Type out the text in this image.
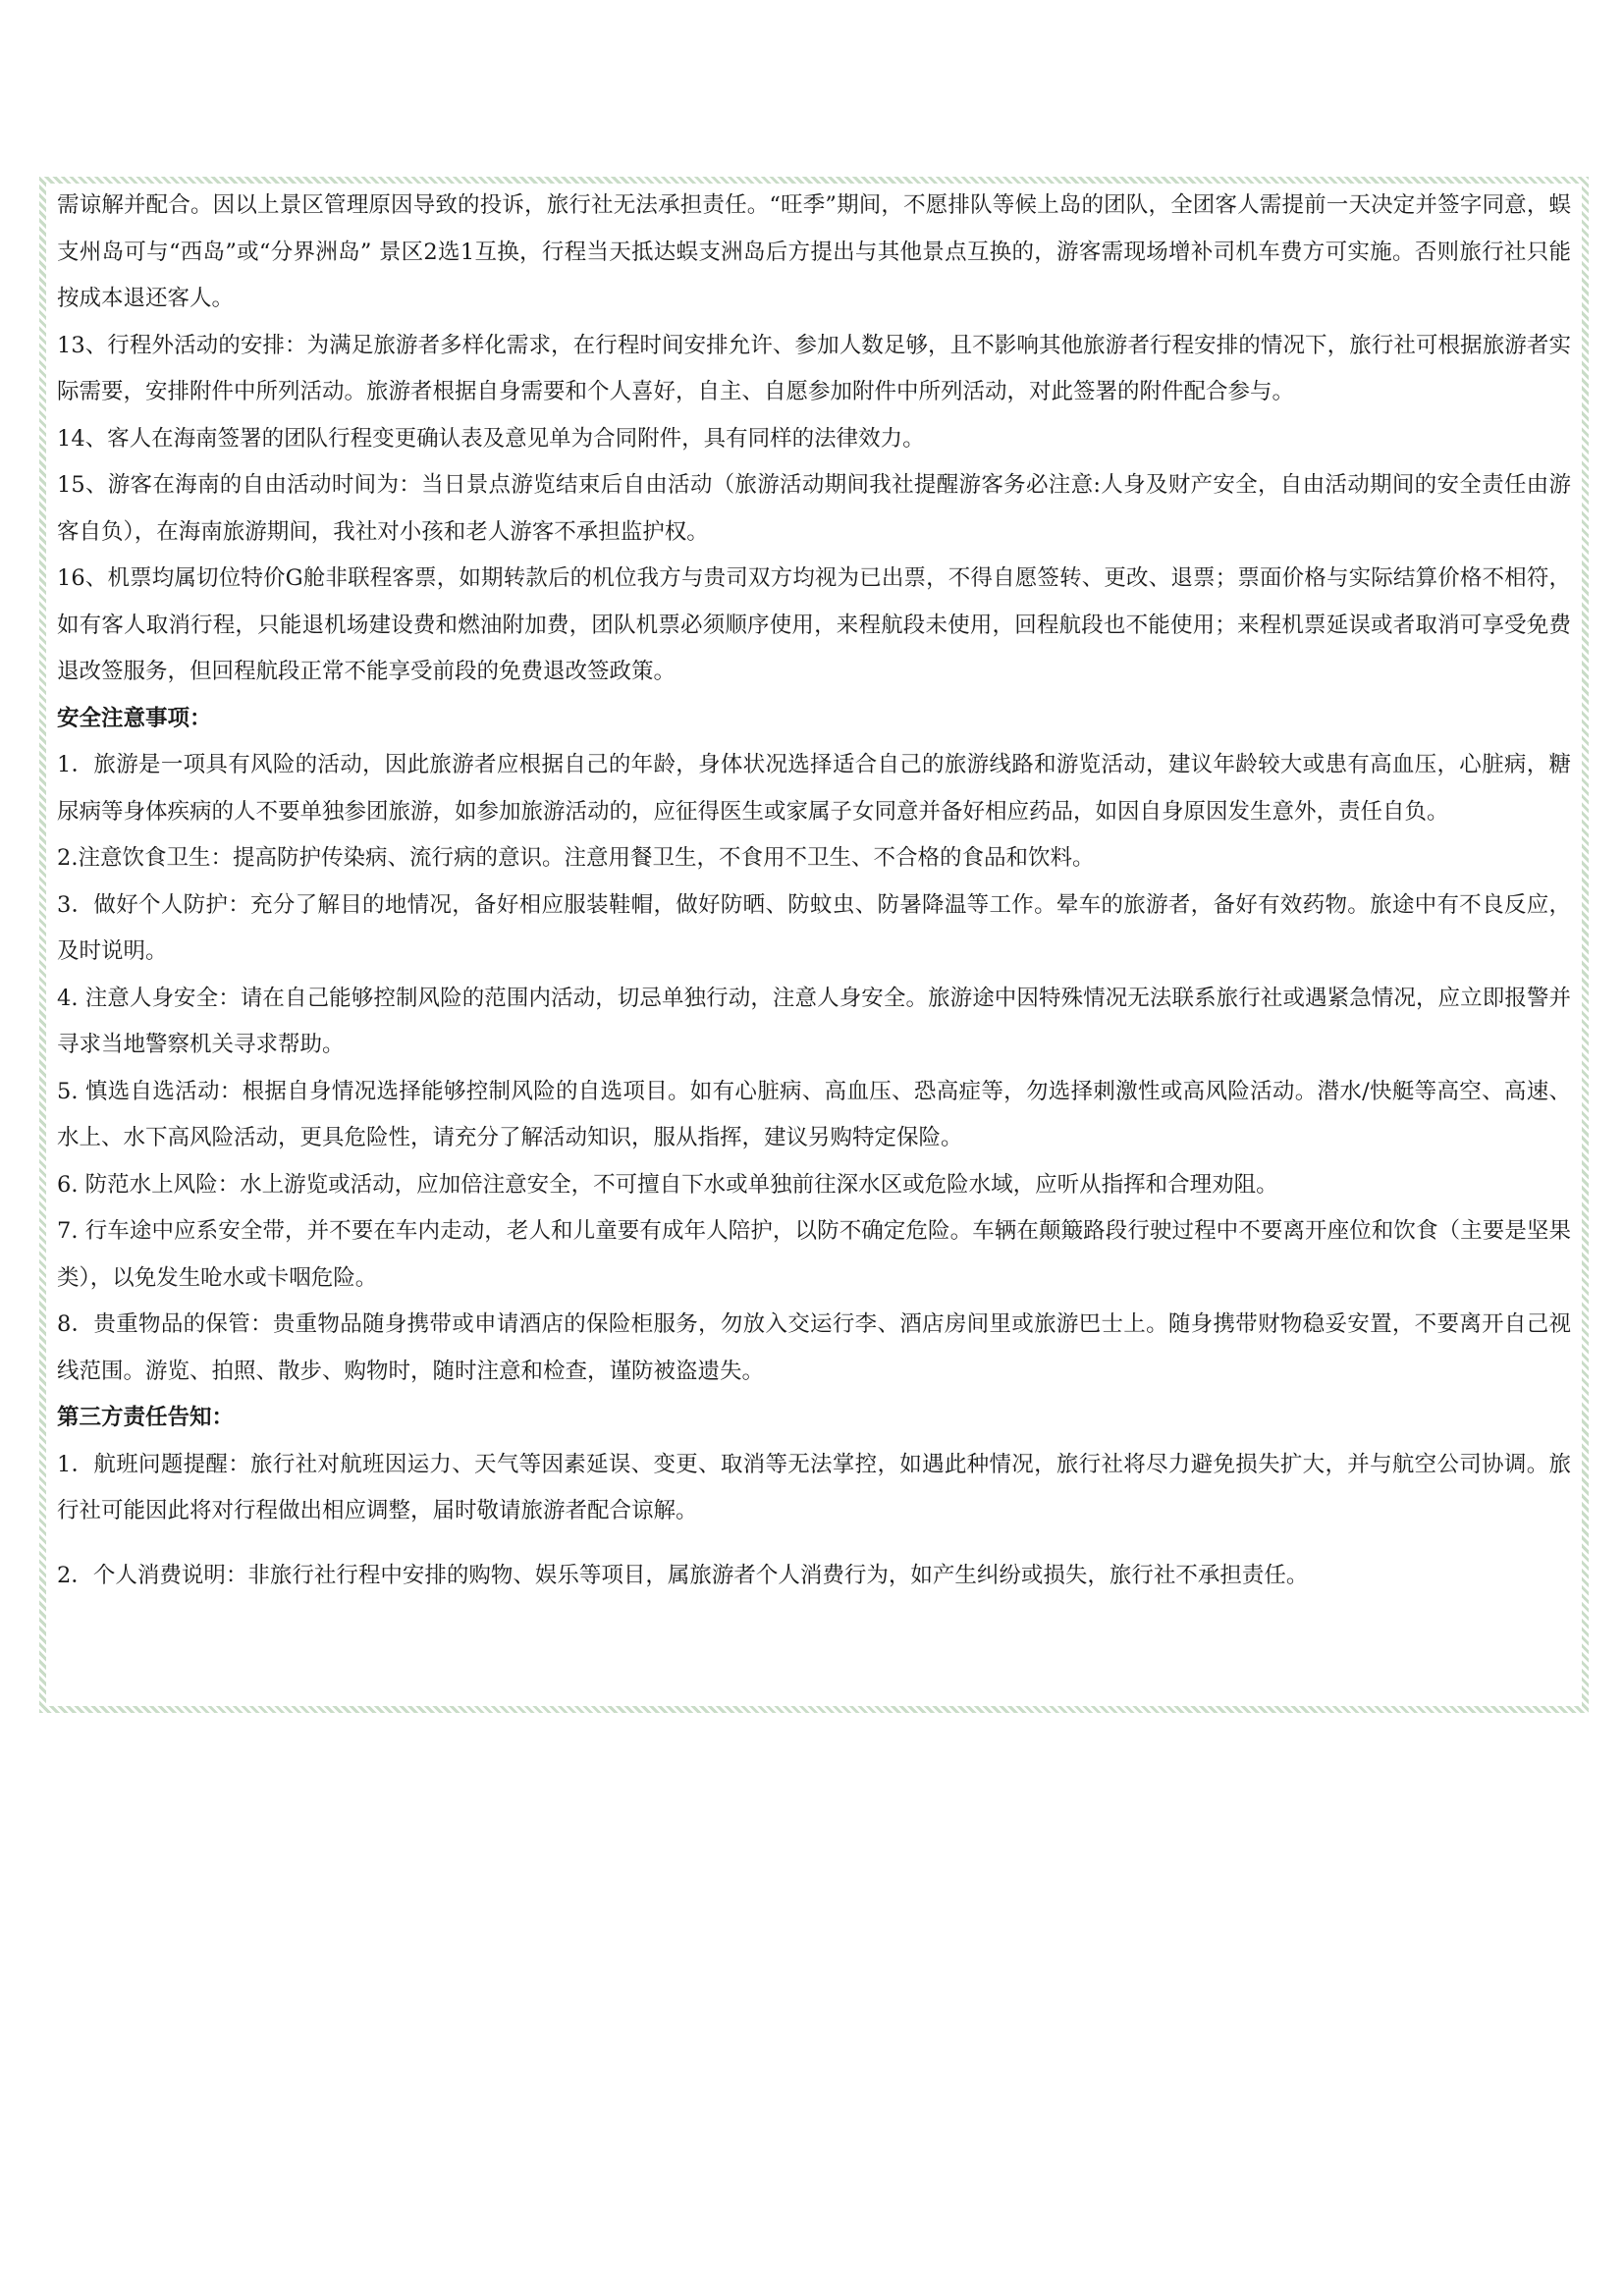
需谅解并配合。因以上景区管理原因导致的投诉，旅行社无法承担责任。“旺季”期间，不愿排队等候上岛的团队，全团客人需提前一天决定并签字同意，蜈支州岛可与“西岛”或“分界洲岛” 景区2选1互换，行程当天抵达蜈支洲岛后方提出与其他景点互换的，游客需现场增补司机车费方可实施。否则旅行社只能按成本退还客人。

13、行程外活动的安排：为满足旅游者多样化需求，在行程时间安排允许、参加人数足够，且不影响其他旅游者行程安排的情况下，旅行社可根据旅游者实际需要，安排附件中所列活动。旅游者根据自身需要和个人喜好，自主、自愿参加附件中所列活动，对此签署的附件配合参与。

14、客人在海南签署的团队行程变更确认表及意见单为合同附件，具有同样的法律效力。

15、游客在海南的自由活动时间为：当日景点游览结束后自由活动（旅游活动期间我社提醒游客务必注意:人身及财产安全，自由活动期间的安全责任由游客自负），在海南旅游期间，我社对小孩和老人游客不承担监护权。

16、机票均属切位特价G舱非联程客票，如期转款后的机位我方与贵司双方均视为已出票，不得自愿签转、更改、退票；票面价格与实际结算价格不相符，如有客人取消行程，只能退机场建设费和燃油附加费，团队机票必须顺序使用，来程航段未使用，回程航段也不能使用；来程机票延误或者取消可享受免费退改签服务，但回程航段正常不能享受前段的免费退改签政策。

安全注意事项：

1．旅游是一项具有风险的活动，因此旅游者应根据自己的年龄，身体状况选择适合自己的旅游线路和游览活动，建议年龄较大或患有高血压，心脏病，糖尿病等身体疾病的人不要单独参团旅游，如参加旅游活动的，应征得医生或家属子女同意并备好相应药品，如因自身原因发生意外，责任自负。

2.注意饮食卫生：提高防护传染病、流行病的意识。注意用餐卫生，不食用不卫生、不合格的食品和饮料。

3．做好个人防护：充分了解目的地情况，备好相应服装鞋帽，做好防晒、防蚊虫、防暑降温等工作。晕车的旅游者，备好有效药物。旅途中有不良反应，及时说明。

4. 注意人身安全：请在自己能够控制风险的范围内活动，切忌单独行动，注意人身安全。旅游途中因特殊情况无法联系旅行社或遇紧急情况，应立即报警并寻求当地警察机关寻求帮助。

5. 慎选自选活动：根据自身情况选择能够控制风险的自选项目。如有心脏病、高血压、恐高症等，勿选择刺激性或高风险活动。潜水/快艇等高空、高速、水上、水下高风险活动，更具危险性，请充分了解活动知识，服从指挥，建议另购特定保险。

6. 防范水上风险：水上游览或活动，应加倍注意安全，不可擅自下水或单独前往深水区或危险水域，应听从指挥和合理劝阻。

7. 行车途中应系安全带，并不要在车内走动，老人和儿童要有成年人陪护，以防不确定危险。车辆在颠簸路段行驶过程中不要离开座位和饮食（主要是坚果类），以免发生呛水或卡咽危险。

8．贵重物品的保管：贵重物品随身携带或申请酒店的保险柜服务，勿放入交运行李、酒店房间里或旅游巴士上。随身携带财物稳妥安置，不要离开自己视线范围。游览、拍照、散步、购物时，随时注意和检查，谨防被盗遗失。

第三方责任告知：

1．航班问题提醒：旅行社对航班因运力、天气等因素延误、变更、取消等无法掌控，如遇此种情况，旅行社将尽力避免损失扩大，并与航空公司协调。旅行社可能因此将对行程做出相应调整，届时敬请旅游者配合谅解。

2．个人消费说明：非旅行社行程中安排的购物、娱乐等项目，属旅游者个人消费行为，如产生纠纷或损失，旅行社不承担责任。
